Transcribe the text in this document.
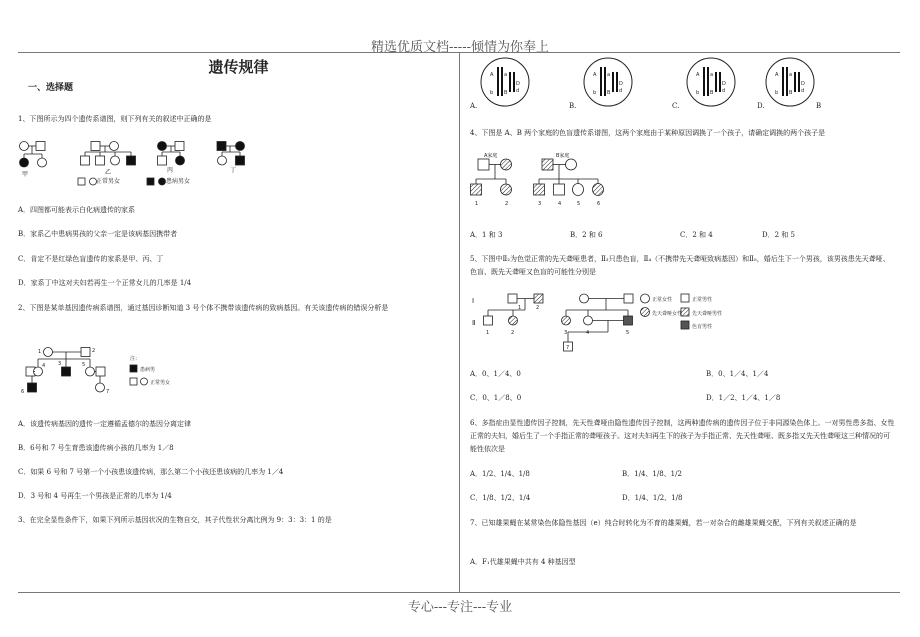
精选优质文档-----倾情为你奉上
专心---专注---专业
遗传规律
一、选择题
1、下图所示为四个遗传系谱图，则下列有关的叙述中正确的是
甲	乙	丙	丁
正常男女	患病男女
A．四图都可能表示白化病遗传的家系
B．家系乙中患病男孩的父亲一定是该病基因携带者
C．肯定不是红绿色盲遗传的家系是甲、丙、丁
D．家系丁中这对夫妇若再生一个正常女儿的几率是 1/4
2、下图是某单基因遗传病系谱图，通过基因诊断知道 3 号个体不携带该遗传病的致病基因。有关该遗传病的错误分析是
1
3
4
2
5
6	7
注：
患病男
正常男女
A．该遗传病基因的遗传一定遵循孟德尔的基因分离定律
B．6号和 7 号生育患该遗传病小孩的几率为 1／8
C．如果 6 号和 7 号第一个小孩患该遗传病，那么第二个小孩还患该病的几率为 1／4
D．3 号和 4 号再生一个男孩是正常的几率为 1/4
3、在完全显性条件下，如果下列所示基因状况的生物自交，其子代性状分离比例为 9：3：3：1 的是
A a
D
d
b B
A a
D
d
b B
A a
D
d
b B
A a
D
d
b B
A.	B.	C.	D.	B
4、下图是 A、B 两个家庭的色盲遗传系谱图，这两个家庭由于某种原因调换了一个孩子，请确定调换的两个孩子是
A家庭	B家庭
1	2	3	4	5	6
A．1 和 3	B．2 和 6	C．2 和 4	D．2 和 5
5、下图中Ⅱ₂为色觉正常的先天聋哑患者，Ⅱ₃只患色盲，Ⅱ₄（不携带先天聋哑致病基因）和Ⅱ₅，婚后生下一个男孩，该男孩患先天聋哑、色盲、既先天聋哑又色盲的可能性分别是
Ⅰ
Ⅱ
1	2
1	2	3	4	5
7
正常女性	正常男性
先天聋哑女性 先天聋哑男性
色盲男性
A．0、1／4、0	B．0、1／4、1／4
C．0、1／8、0	D．1／2、1／4、1／8
6、多指症由显性遗传因子控制，先天性聋哑由隐性遗传因子控制，这两种遗传病的遗传因子位于非同源染色体上。一对男性患多指、女性正常的夫妇，婚后生了一个手指正常的聋哑孩子。这对夫妇再生下的孩子为手指正常、先天性聋哑、既多指又先天性聋哑这三种情况的可能性依次是
A．1/2、1/4、1/8	B．1/4、1/8、1/2
C．1/8、1/2、1/4	D．1/4、1/2、1/8
7、已知雄果蝇在某常染色体隐性基因（e）纯合时转化为不育的雄果蝇，若一对杂合的雌雄果蝇交配，下列有关叙述正确的是
A．F₁代雄果蝇中共有 4 种基因型
